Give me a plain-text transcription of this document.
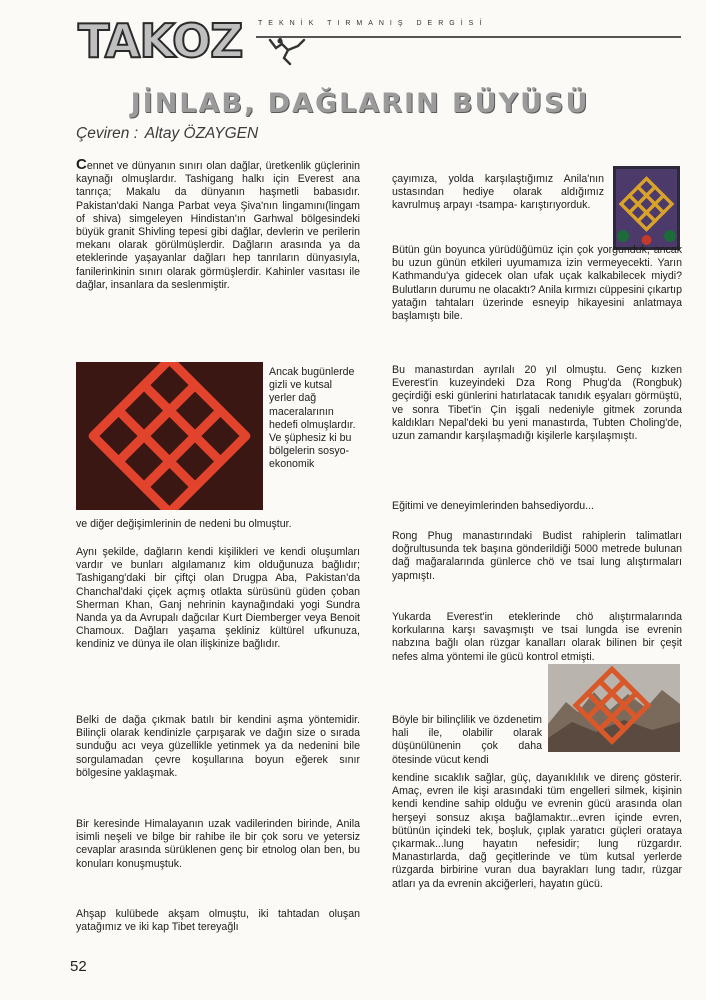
TAKOZ TEKNİK TIRMANIŞ DERGİSİ
JİNLAB, DAĞLARIN BÜYÜSÜ
Çeviren : Altay ÖZAYGEN

Cennet ve dünyanın sınırı olan dağlar, üretkenlik güçlerinin kaynağı olmuşlardır. Tashigang halkı için Everest ana tanrıça; Makalu da dünyanın haşmetli babasıdır. Pakistan'daki Nanga Parbat veya Şiva'nın lingamını(lingam of shiva) simgeleyen Hindistan'ın Garhwal bölgesindeki büyük granit Shivling tepesi gibi dağlar, devlerin ve perilerin mekanı olarak görülmüşlerdir. Dağların arasında ya da eteklerinde yaşayanlar dağları hep tanrıların dünyasıyla, fanilerinkinin sınırı olarak görmüşlerdir. Kahinler vasıtası ile dağlar, insanlara da seslenmiştir.

Ancak bugünlerde gizli ve kutsal yerler dağ maceralarının hedefi olmuşlardır. Ve şüphesiz ki bu bölgelerin sosyo-ekonomik

ve diğer değişimlerinin de nedeni bu olmuştur.

Aynı şekilde, dağların kendi kişilikleri ve kendi oluşumları vardır ve bunları algılamanız kim olduğunuza bağlıdır; Tashigang'daki bir çiftçi olan Drugpa Aba, Pakistan'da Chanchal'daki çiçek açmış otlakta sürüsünü güden çoban Sherman Khan, Ganj nehrinin kaynağındaki yogi Sundra Nanda ya da Avrupalı dağcılar Kurt Diemberger veya Benoit Chamoux. Dağları yaşama şekliniz kültürel ufkunuza, kendiniz ve dünya ile olan ilişkinize bağlıdır.

Belki de dağa çıkmak batılı bir kendini aşma yöntemidir. Bilinçli olarak kendinizle çarpışarak ve dağın size o sırada sunduğu acı veya güzellikle yetinmek ya da nedenini bile sorgulamadan çevre koşullarına boyun eğerek sınır bölgesine yaklaşmak.

Bir keresinde Himalayanın uzak vadilerinden birinde, Anila isimli neşeli ve bilge bir rahibe ile bir çok soru ve yetersiz cevaplar arasında sürüklenen genç bir etnolog olan ben, bu konuları konuşmuştuk.

Ahşap kulübede akşam olmuştu, iki tahtadan oluşan yatağımız ve iki kap Tibet tereyağlı

çayımıza, yolda karşılaştığımız Anila'nın ustasından hediye olarak aldığımız kavrulmuş arpayı -tsampa- karıştırıyorduk.

Bütün gün boyunca yürüdüğümüz için çok yorgunduk, ancak bu uzun günün etkileri uyumamıza izin vermeyecekti. Yarın Kathmandu'ya gidecek olan ufak uçak kalkabilecek miydi? Bulutların durumu ne olacaktı? Anila kırmızı cüppesini çıkartıp yatağın tahtaları üzerinde esneyip hikayesini anlatmaya başlamıştı bile.

Bu manastırdan ayrılalı 20 yıl olmuştu. Genç kızken Everest'in kuzeyindeki Dza Rong Phug'da (Rongbuk) geçirdiği eski günlerini hatırlatacak tanıdık eşyaları görmüştü, ve sonra Tibet'in Çin işgali nedeniyle gitmek zorunda kaldıkları Nepal'deki bu yeni manastırda, Tubten Choling'de, uzun zamandır karşılaşmadığı kişilerle karşılaşmıştı.

Eğitimi ve deneyimlerinden bahsediyordu...

Rong Phug manastırındaki Budist rahiplerin talimatları doğrultusunda tek başına gönderildiği 5000 metrede bulunan dağ mağaralarında günlerce chö ve tsai lung alıştırmaları yapmıştı.

Yukarda Everest'in eteklerinde chö alıştırmalarında korkularına karşı savaşmıştı ve tsai lungda ise evrenin nabzına bağlı olan rüzgar kanalları olarak bilinen bir çeşit nefes alma yöntemi ile gücü kontrol etmişti.

Böyle bir bilinçlilik ve özdenetim hali ile, olabilir olarak düşünülünenin çok daha ötesinde vücut kendi

kendine sıcaklık sağlar, güç, dayanıklılık ve direnç gösterir. Amaç, evren ile kişi arasındaki tüm engelleri silmek, kişinin kendi kendine sahip olduğu ve evrenin gücü arasında olan herşeyi sonsuz akışa bağlamaktır...evren içinde evren, bütünün içindeki tek, boşluk, çıplak yaratıcı güçleri orataya çıkarmak...lung hayatın nefesidir; lung rüzgardır. Manastırlarda, dağ geçitlerinde ve tüm kutsal yerlerde rüzgarda birbirine vuran dua bayrakları lung tadır, rüzgar atları ya da evrenin akciğerleri, hayatın gücü.

52
